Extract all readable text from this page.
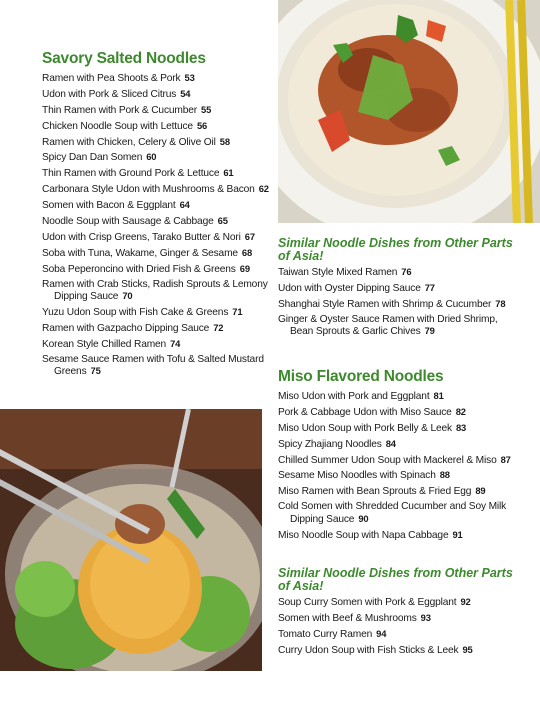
Savory Salted Noodles
Ramen with Pea Shoots & Pork 53
Udon with Pork & Sliced Citrus 54
Thin Ramen with Pork & Cucumber 55
Chicken Noodle Soup with Lettuce 56
Ramen with Chicken, Celery & Olive Oil 58
Spicy Dan Dan Somen 60
Thin Ramen with Ground Pork & Lettuce 61
Carbonara Style Udon with Mushrooms & Bacon 62
Somen with Bacon & Eggplant 64
Noodle Soup with Sausage & Cabbage 65
Udon with Crisp Greens, Tarako Butter & Nori 67
Soba with Tuna, Wakame, Ginger & Sesame 68
Soba Peperoncino with Dried Fish & Greens 69
Ramen with Crab Sticks, Radish Sprouts & Lemony Dipping Sauce 70
Yuzu Udon Soup with Fish Cake & Greens 71
Ramen with Gazpacho Dipping Sauce 72
Korean Style Chilled Ramen 74
Sesame Sauce Ramen with Tofu & Salted Mustard Greens 75
Similar Noodle Dishes from Other Parts of Asia!
Taiwan Style Mixed Ramen 76
Udon with Oyster Dipping Sauce 77
Shanghai Style Ramen with Shrimp & Cucumber 78
Ginger & Oyster Sauce Ramen with Dried Shrimp, Bean Sprouts & Garlic Chives 79
Miso Flavored Noodles
Miso Udon with Pork and Eggplant 81
Pork & Cabbage Udon with Miso Sauce 82
Miso Udon Soup with Pork Belly & Leek 83
Spicy Zhajiang Noodles 84
Chilled Summer Udon Soup with Mackerel & Miso 87
Sesame Miso Noodles with Spinach 88
Miso Ramen with Bean Sprouts & Fried Egg 89
Cold Somen with Shredded Cucumber and Soy Milk Dipping Sauce 90
Miso Noodle Soup with Napa Cabbage 91
Similar Noodle Dishes from Other Parts of Asia!
Soup Curry Somen with Pork & Eggplant 92
Somen with Beef & Mushrooms 93
Tomato Curry Ramen 94
Curry Udon Soup with Fish Sticks & Leek 95
